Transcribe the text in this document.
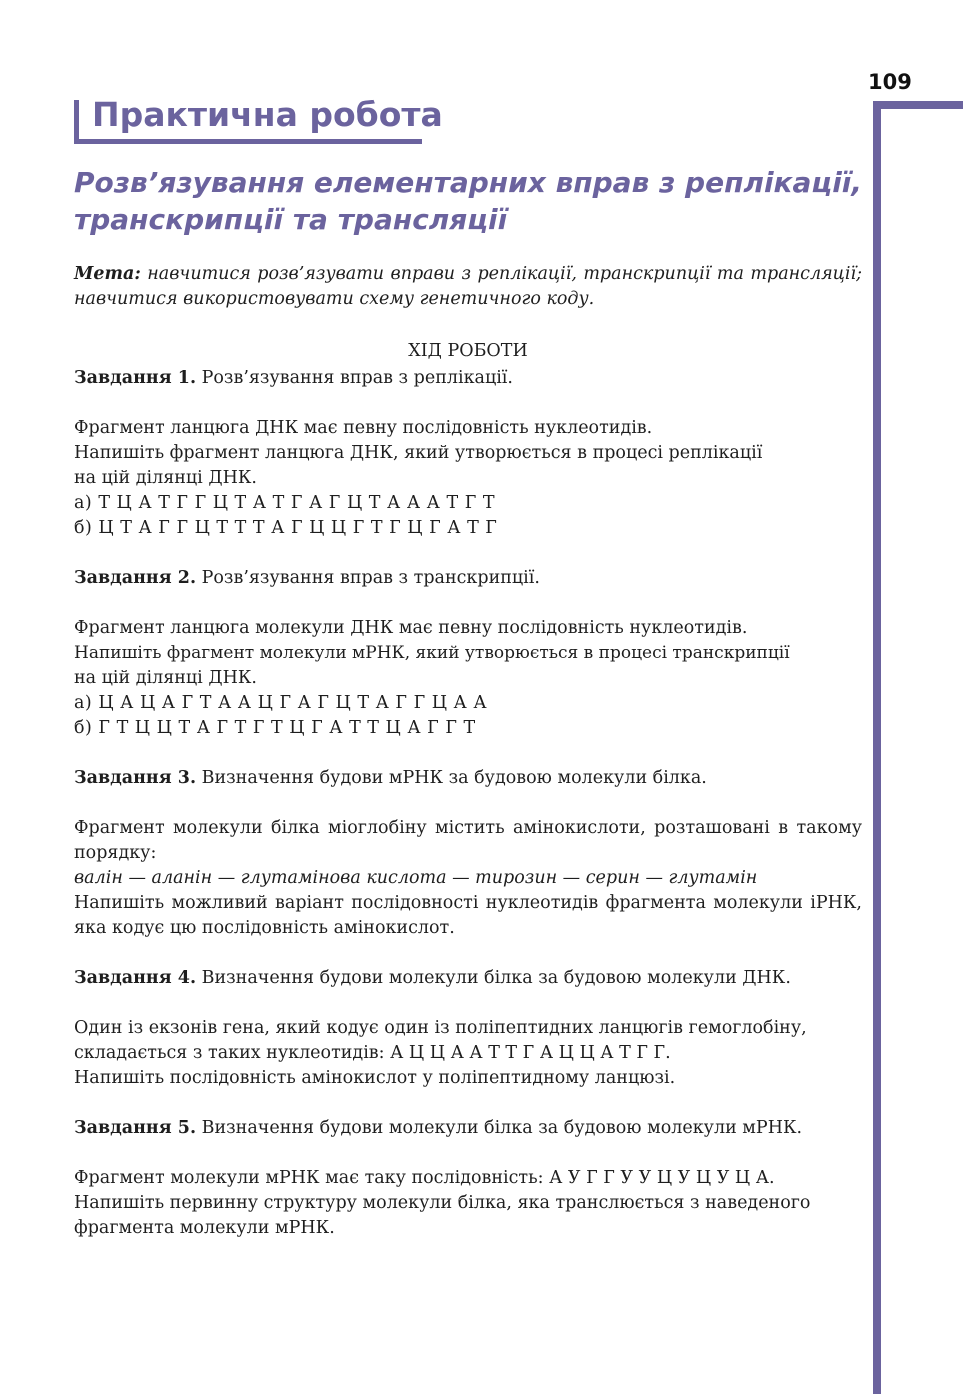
109
Практична робота
Розв’язування елементарних вправ з реплікації,
транскрипції та трансляції

Мета: навчитися розв’язувати вправи з реплікації, транскрипції та трансляції; навчитися використовувати схему генетичного коду.

ХІД РОБОТИ

Завдання 1. Розв’язування вправ з реплікації.

Фрагмент ланцюга ДНК має певну послідовність нуклеотидів.

Напишіть фрагмент ланцюга ДНК, який утворюється в процесі реплікації

на цій ділянці ДНК.

а) Т Ц А Т Г Г Ц Т А Т Г А Г Ц Т А А А Т Г Т

б) Ц Т А Г Г Ц Т Т Т А Г Ц Ц Г Т Г Ц Г А Т Г

Завдання 2. Розв’язування вправ з транскрипції.

Фрагмент ланцюга молекули ДНК має певну послідовність нуклеотидів.

Напишіть фрагмент молекули мРНК, який утворюється в процесі транскрипції

на цій ділянці ДНК.

а) Ц А Ц А Г Т А А Ц Г А Г Ц Т А Г Г Ц А А

б) Г Т Ц Ц Т А Г Т Г Т Ц Г А Т Т Ц А Г Г Т

Завдання 3. Визначення будови мРНК за будовою молекули білка.

Фрагмент молекули білка міоглобіну містить амінокислоти, розташовані в такому порядку:

валін — аланін — глутамінова кислота — тирозин — серин — глутамін

Напишіть можливий варіант послідовності нуклеотидів фрагмента молекули іРНК, яка кодує цю послідовність амінокислот.

Завдання 4. Визначення будови молекули білка за будовою молекули ДНК.

Один із екзонів гена, який кодує один із поліпептидних ланцюгів гемоглобіну,

складається з таких нуклеотидів: А Ц Ц А А Т Т Г А Ц Ц А Т Г Г.

Напишіть послідовність амінокислот у поліпептидному ланцюзі.

Завдання 5. Визначення будови молекули білка за будовою молекули мРНК.

Фрагмент молекули мРНК має таку послідовність: А У Г Г У У Ц У Ц У Ц А.

Напишіть первинну структуру молекули білка, яка транслюється з наведеного

фрагмента молекули мРНК.
